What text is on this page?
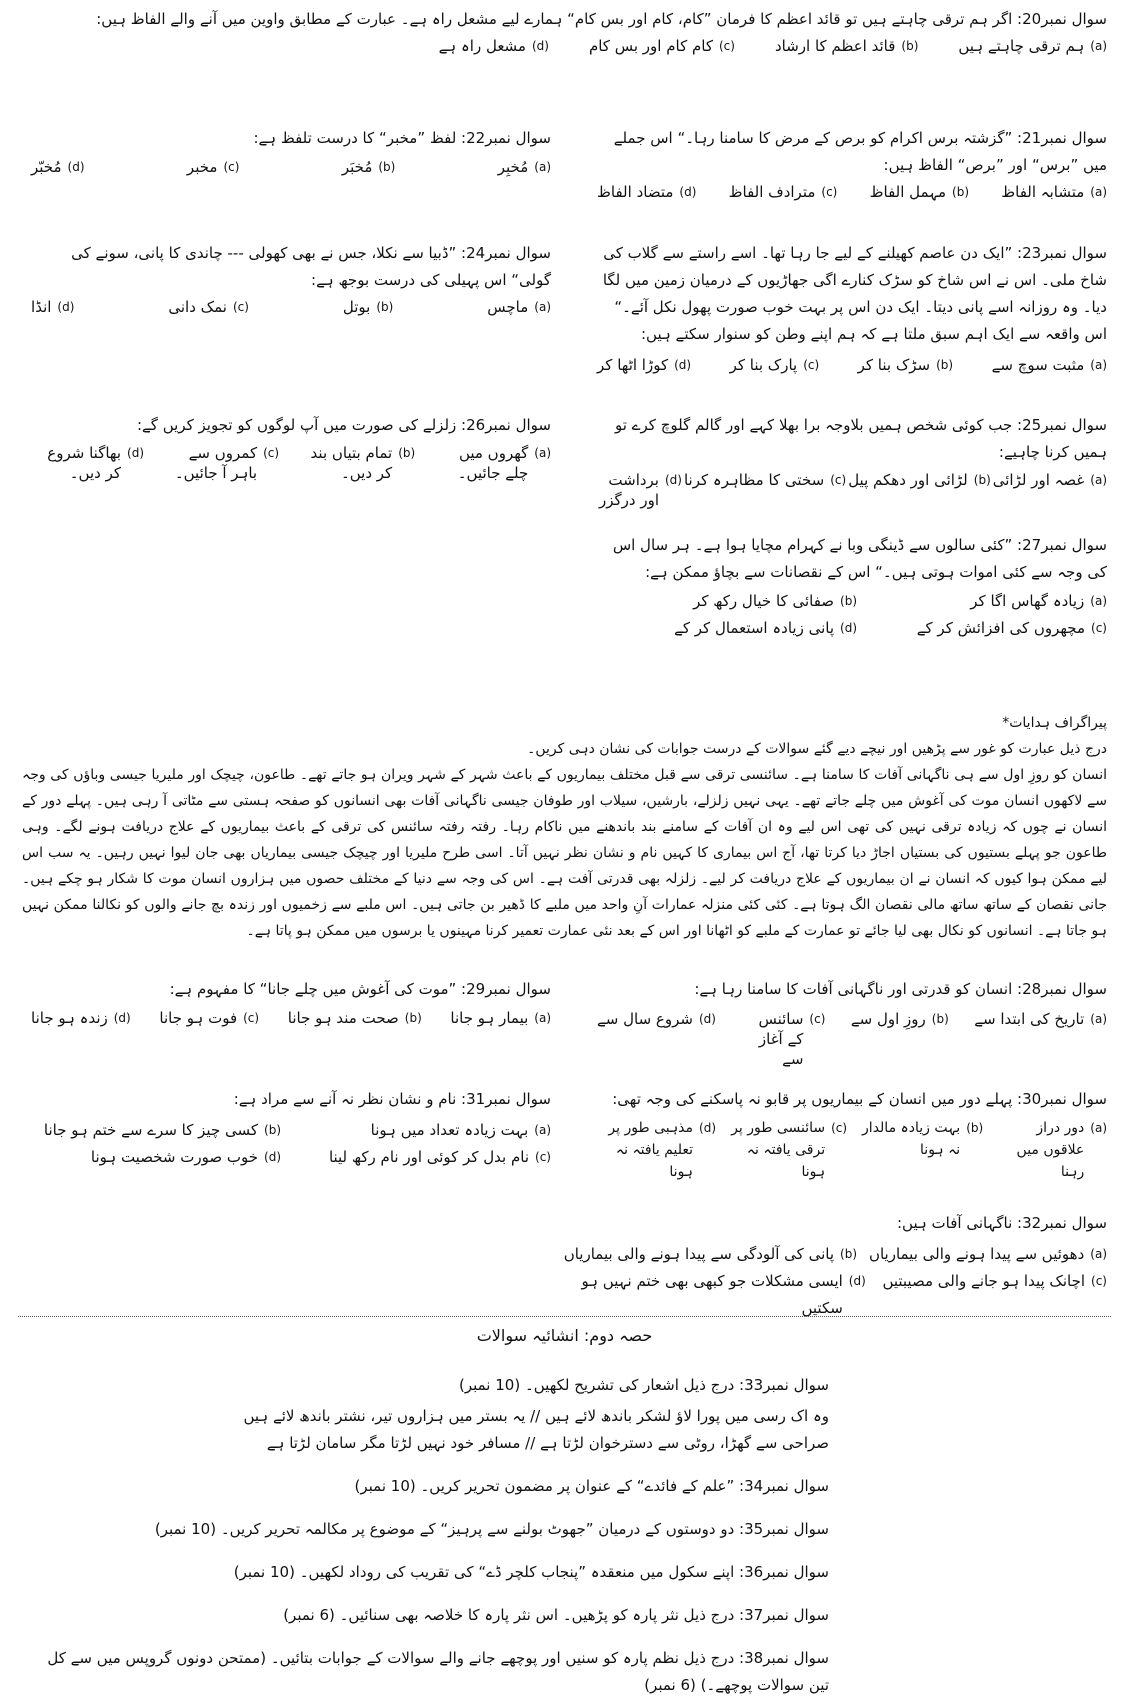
سوال نمبر20: اگر ہم ترقی چاہتے ہیں تو قائد اعظم کا فرمان ”کام، کام اور بس کام“ ہمارے لیے مشعل راہ ہے۔ عبارت کے مطابق واوین میں آنے والے الفاظ ہیں:

(a)
ہم ترقی چاہتے ہیں
(b)
قائد اعظم کا ارشاد
(c)
کام کام اور بس کام
(d)
مشعل راہ ہے

سوال نمبر21: ”گزشتہ برس اکرام کو برص کے مرض کا سامنا رہا۔“ اس جملے میں ”برس“ اور ”برص“ الفاظ ہیں:

(a)
متشابہ الفاظ
(b)
مہمل الفاظ
(c)
مترادف الفاظ
(d)
متضاد الفاظ

سوال نمبر22: لفظ ”مخبر“ کا درست تلفظ ہے:

(a)
مُخبِر
(b)
مُخبَر
(c)
مخبر
(d)
مُخبّر

سوال نمبر23: ”ایک دن عاصم کھیلنے کے لیے جا رہا تھا۔ اسے راستے سے گلاب کی شاخ ملی۔ اس نے اس شاخ کو سڑک کنارے اگی جھاڑیوں کے درمیان زمین میں لگا دیا۔ وہ روزانہ اسے پانی دیتا۔ ایک دن اس پر بہت خوب صورت پھول نکل آئے۔“ اس واقعہ سے ایک اہم سبق ملتا ہے کہ ہم اپنے وطن کو سنوار سکتے ہیں:

(a)
مثبت سوچ سے
(b)
سڑک بنا کر
(c)
پارک بنا کر
(d)
کوڑا اٹھا کر

سوال نمبر24: ”ڈبیا سے نکلا، جس نے بھی کھولی --- چاندی کا پانی، سونے کی گولی“ اس پہیلی کی درست بوجھ ہے:

(a)
ماچس
(b)
بوتل
(c)
نمک دانی
(d)
انڈا

سوال نمبر25: جب کوئی شخص ہمیں بلاوجہ برا بھلا کہے اور گالم گلوچ کرے تو ہمیں کرنا چاہیے:

(a)
غصہ اور لڑائی
(b)
لڑائی اور دھکم پیل
(c)
سختی کا مظاہرہ کرنا
(d)
برداشت اور درگزر

سوال نمبر26: زلزلے کی صورت میں آپ لوگوں کو تجویز کریں گے:

(a)
گھروں میں چلے جائیں۔
(b)
تمام بتیاں بند کر دیں۔
(c)
کمروں سے باہر آ جائیں۔
(d)
بھاگنا شروع کر دیں۔

سوال نمبر27: ”کئی سالوں سے ڈینگی وبا نے کہرام مچایا ہوا ہے۔ ہر سال اس کی وجہ سے کئی اموات ہوتی ہیں۔“ اس کے نقصانات سے بچاؤ ممکن ہے:

(a)
زیادہ گھاس اگا کر
(b)
صفائی کا خیال رکھ کر
(c)
مچھروں کی افزائش کر کے
(d)
پانی زیادہ استعمال کر کے

پیراگراف ہدایات*

درج ذیل عبارت کو غور سے پڑھیں اور نیچے دیے گئے سوالات کے درست جوابات کی نشان دہی کریں۔

انسان کو روزِ اول سے ہی ناگہانی آفات کا سامنا ہے۔ سائنسی ترقی سے قبل مختلف بیماریوں کے باعث شہر کے شہر ویران ہو جاتے تھے۔ طاعون، چیچک اور ملیریا جیسی وباؤں کی وجہ سے لاکھوں انسان موت کی آغوش میں چلے جاتے تھے۔ یہی نہیں زلزلے، بارشیں، سیلاب اور طوفان جیسی ناگہانی آفات بھی انسانوں کو صفحہ ہستی سے مٹاتی آ رہی ہیں۔ پہلے دور کے انسان نے چوں کہ زیادہ ترقی نہیں کی تھی اس لیے وہ ان آفات کے سامنے بند باندھنے میں ناکام رہا۔ رفتہ رفتہ سائنس کی ترقی کے باعث بیماریوں کے علاج دریافت ہونے لگے۔ وہی طاعون جو پہلے بستیوں کی بستیاں اجاڑ دیا کرتا تھا، آج اس بیماری کا کہیں نام و نشان نظر نہیں آتا۔ اسی طرح ملیریا اور چیچک جیسی بیماریاں بھی جان لیوا نہیں رہیں۔ یہ سب اس لیے ممکن ہوا کیوں کہ انسان نے ان بیماریوں کے علاج دریافت کر لیے۔ زلزلہ بھی قدرتی آفت ہے۔ اس کی وجہ سے دنیا کے مختلف حصوں میں ہزاروں انسان موت کا شکار ہو چکے ہیں۔ جانی نقصان کے ساتھ ساتھ مالی نقصان الگ ہوتا ہے۔ کئی کئی منزلہ عمارات آنِ واحد میں ملبے کا ڈھیر بن جاتی ہیں۔ اس ملبے سے زخمیوں اور زندہ بچ جانے والوں کو نکالنا ممکن نہیں ہو جاتا ہے۔ انسانوں کو نکال بھی لیا جائے تو عمارت کے ملبے کو اٹھانا اور اس کے بعد نئی عمارت تعمیر کرنا مہینوں یا برسوں میں ممکن ہو پاتا ہے۔

سوال نمبر28: انسان کو قدرتی اور ناگہانی آفات کا سامنا رہا ہے:

(a)
تاریخ کی ابتدا سے
(b)
روزِ اول سے
(c)
سائنس کے آغاز سے
(d)
شروع سال سے

سوال نمبر29: ”موت کی آغوش میں چلے جانا“ کا مفہوم ہے:

(a)
بیمار ہو جانا
(b)
صحت مند ہو جانا
(c)
فوت ہو جانا
(d)
زندہ ہو جانا

سوال نمبر30: پہلے دور میں انسان کے بیماریوں پر قابو نہ پاسکنے کی وجہ تھی:

(a)
دور دراز علاقوں میں رہنا
(b)
بہت زیادہ مالدار نہ ہونا
(c)
سائنسی طور پر ترقی یافتہ نہ ہونا
(d)
مذہبی طور پر تعلیم یافتہ نہ ہونا

سوال نمبر31: نام و نشان نظر نہ آنے سے مراد ہے:

(a)
بہت زیادہ تعداد میں ہونا
(b)
کسی چیز کا سرے سے ختم ہو جانا
(c)
نام بدل کر کوئی اور نام رکھ لینا
(d)
خوب صورت شخصیت ہونا

سوال نمبر32: ناگہانی آفات ہیں:

(a)
دھوئیں سے پیدا ہونے والی بیماریاں
(b)
پانی کی آلودگی سے پیدا ہونے والی بیماریاں
(c)
اچانک پیدا ہو جانے والی مصیبتیں
(d)
ایسی مشکلات جو کبھی بھی ختم نہیں ہو سکتیں
حصہ دوم: انشائیہ سوالات

سوال نمبر33: درج ذیل اشعار کی تشریح لکھیں۔ (10 نمبر)

وہ اک رسی میں پورا لاؤ لشکر باندھ لائے ہیں // یہ بستر میں ہزاروں تیر، نشتر باندھ لائے ہیں

صراحی سے گھڑا، روٹی سے دسترخوان لڑتا ہے // مسافر خود نہیں لڑتا مگر سامان لڑتا ہے

سوال نمبر34: ”علم کے فائدے“ کے عنوان پر مضمون تحریر کریں۔ (10 نمبر)

سوال نمبر35: دو دوستوں کے درمیان ”جھوٹ بولنے سے پرہیز“ کے موضوع پر مکالمہ تحریر کریں۔ (10 نمبر)

سوال نمبر36: اپنے سکول میں منعقدہ ”پنجاب کلچر ڈے“ کی تقریب کی روداد لکھیں۔ (10 نمبر)

سوال نمبر37: درج ذیل نثر پارہ کو پڑھیں۔ اس نثر پارہ کا خلاصہ بھی سنائیں۔ (6 نمبر)

سوال نمبر38: درج ذیل نظم پارہ کو سنیں اور پوچھے جانے والے سوالات کے جوابات بتائیں۔ (ممتحن دونوں گروپس میں سے کل تین سوالات پوچھے۔) (6 نمبر)
